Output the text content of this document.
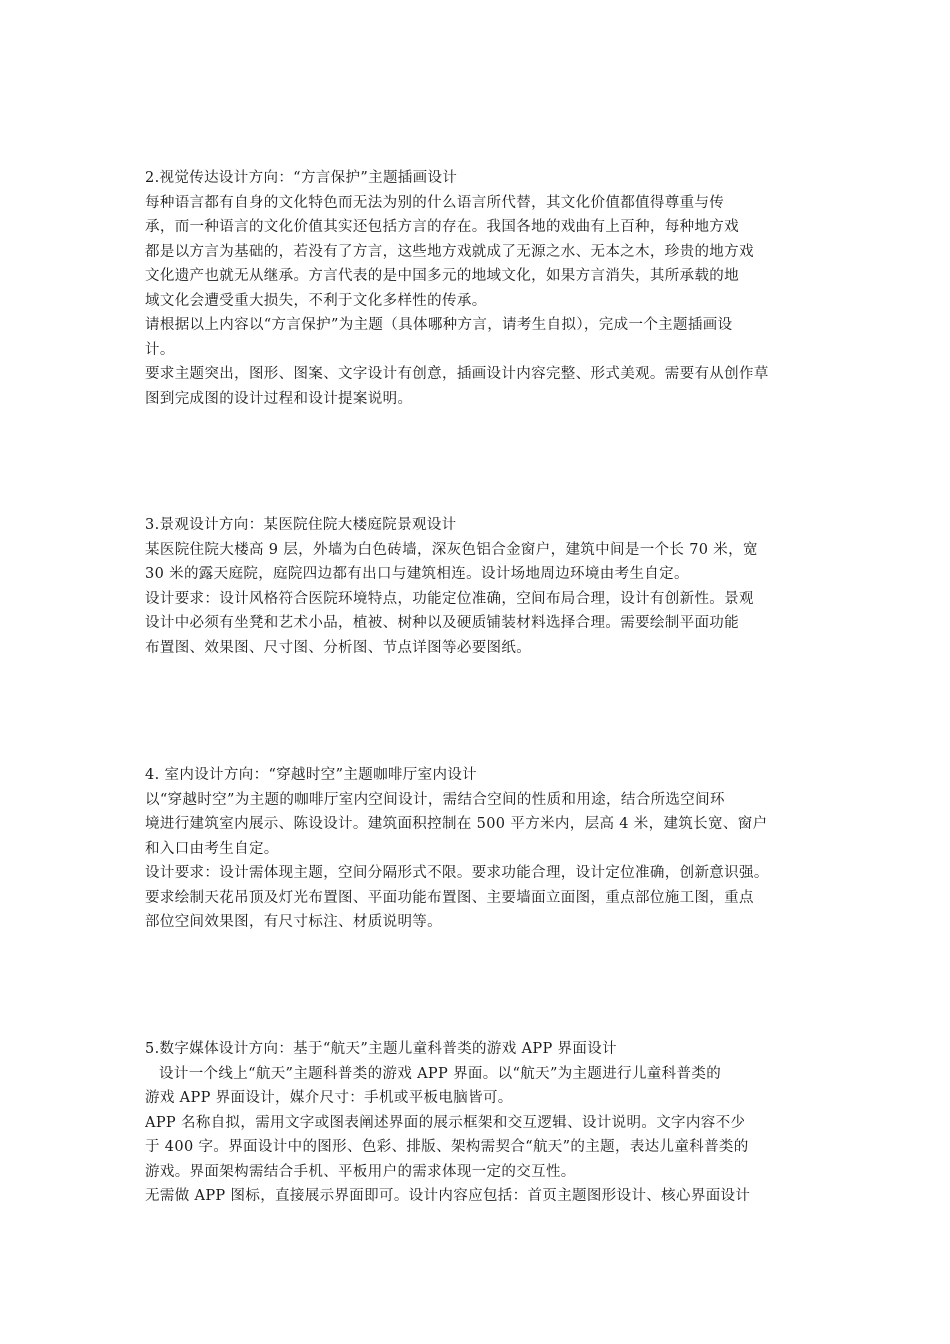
2.视觉传达设计方向：“方言保护”主题插画设计
每种语言都有自身的文化特色而无法为别的什么语言所代替，其文化价值都值得尊重与传
承，而一种语言的文化价值其实还包括方言的存在。我国各地的戏曲有上百种，每种地方戏
都是以方言为基础的，若没有了方言，这些地方戏就成了无源之水、无本之木，珍贵的地方戏
文化遗产也就无从继承。方言代表的是中国多元的地域文化，如果方言消失，其所承载的地
域文化会遭受重大损失，不利于文化多样性的传承。
请根据以上内容以“方言保护”为主题（具体哪种方言，请考生自拟），完成一个主题插画设
计。
要求主题突出，图形、图案、文字设计有创意，插画设计内容完整、形式美观。需要有从创作草
图到完成图的设计过程和设计提案说明。
3.景观设计方向：某医院住院大楼庭院景观设计
某医院住院大楼高 9 层，外墙为白色砖墙，深灰色铝合金窗户，建筑中间是一个长 70 米，宽
30 米的露天庭院，庭院四边都有出口与建筑相连。设计场地周边环境由考生自定。
设计要求：设计风格符合医院环境特点，功能定位准确，空间布局合理，设计有创新性。景观
设计中必须有坐凳和艺术小品，植被、树种以及硬质铺装材料选择合理。需要绘制平面功能
布置图、效果图、尺寸图、分析图、节点详图等必要图纸。
4. 室内设计方向：“穿越时空”主题咖啡厅室内设计
以“穿越时空”为主题的咖啡厅室内空间设计，需结合空间的性质和用途，结合所选空间环
境进行建筑室内展示、陈设设计。建筑面积控制在 500 平方米内，层高 4 米，建筑长宽、窗户
和入口由考生自定。
设计要求：设计需体现主题，空间分隔形式不限。要求功能合理，设计定位准确，创新意识强。
要求绘制天花吊顶及灯光布置图、平面功能布置图、主要墙面立面图，重点部位施工图，重点
部位空间效果图，有尺寸标注、材质说明等。
5.数字媒体设计方向：基于“航天”主题儿童科普类的游戏 APP 界面设计
设计一个线上“航天”主题科普类的游戏 APP 界面。以“航天”为主题进行儿童科普类的
游戏 APP 界面设计，媒介尺寸：手机或平板电脑皆可。
APP 名称自拟，需用文字或图表阐述界面的展示框架和交互逻辑、设计说明。文字内容不少
于 400 字。界面设计中的图形、色彩、排版、架构需契合“航天”的主题，表达儿童科普类的
游戏。界面架构需结合手机、平板用户的需求体现一定的交互性。
无需做 APP 图标，直接展示界面即可。设计内容应包括：首页主题图形设计、核心界面设计
